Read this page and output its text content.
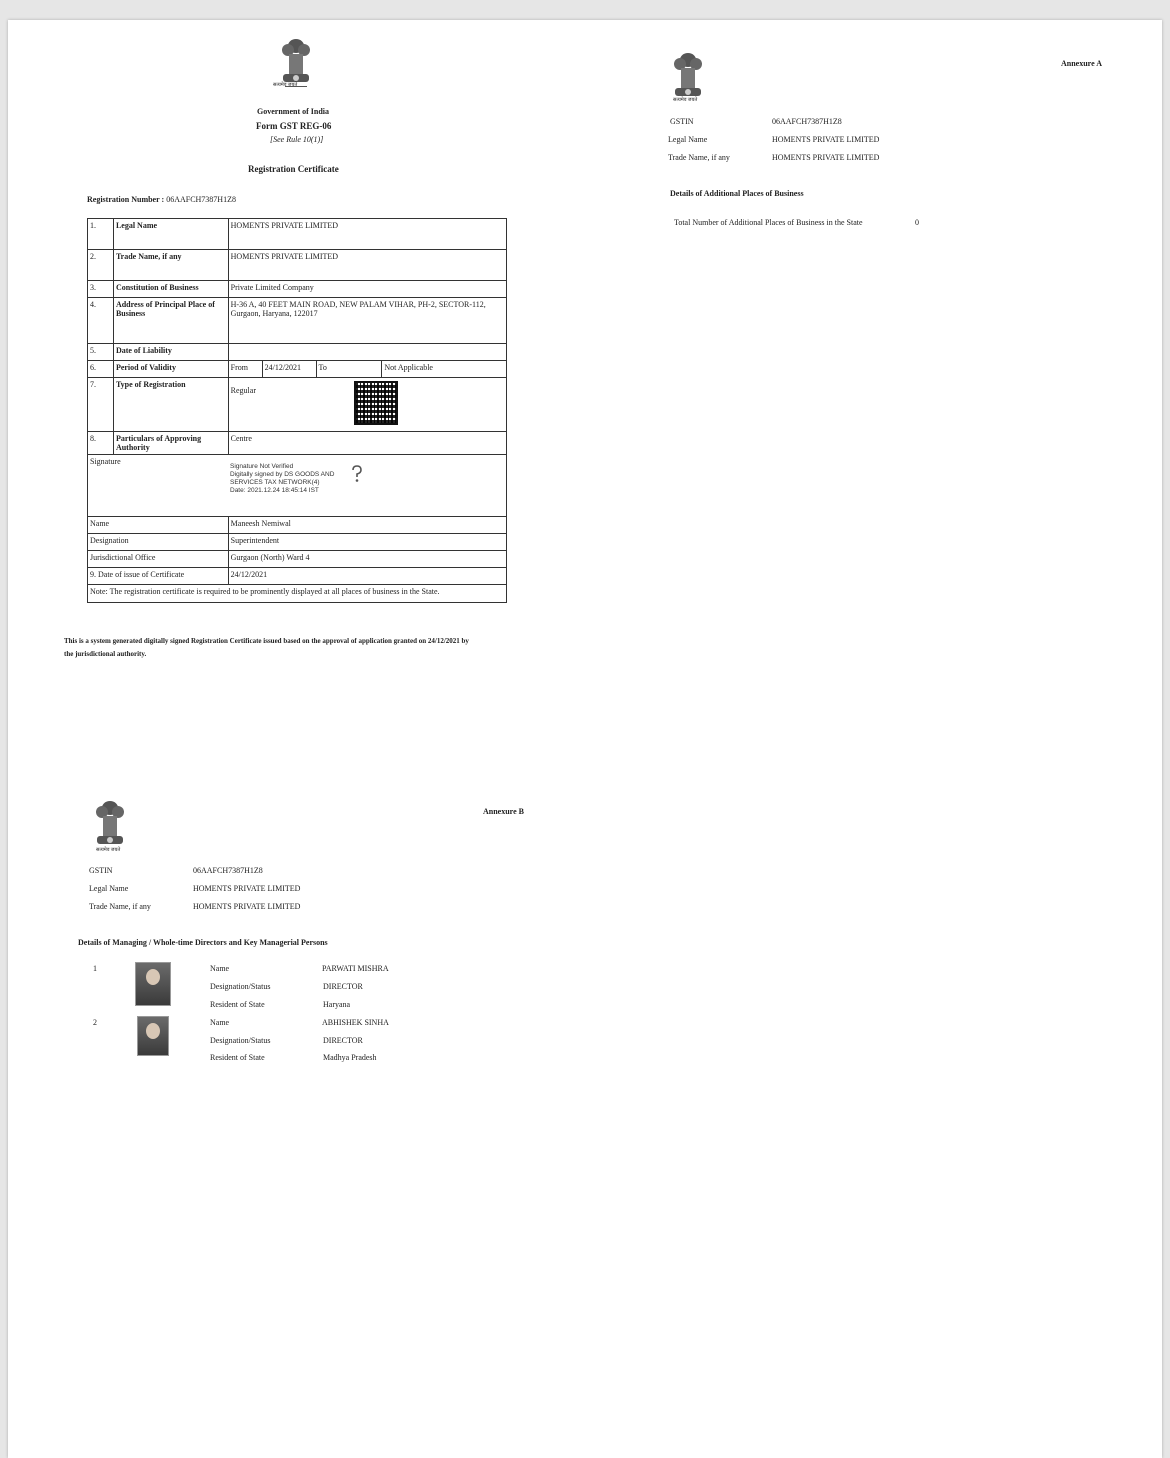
सत्यमेव जयते
Government of India
Form GST REG-06
[See Rule 10(1)]
Registration Certificate
Registration Number : 06AAFCH7387H1Z8
1.	Legal Name	HOMENTS PRIVATE LIMITED			
2.	Trade Name, if any	HOMENTS PRIVATE LIMITED			
3.	Constitution of Business	Private Limited Company			
4.	Address of Principal Place of Business	H-36 A, 40 FEET MAIN ROAD, NEW PALAM VIHAR, PH-2, SECTOR-112, Gurgaon, Haryana, 122017			
5.	Date of Liability				
6.	Period of Validity	From	24/12/2021	To	Not Applicable
7.	Type of Registration	Regular			

8.	Particulars of Approving Authority	Centre			
Signature
Signature Not Verified
Digitally signed by DS GOODS AND
SERVICES TAX NETWORK(4)
Date: 2021.12.24 18:45:14 IST					

Name		Maneesh Nemiwal			
Designation		Superintendent			
Jurisdictional Office		Gurgaon (North) Ward 4			
9. Date of issue of Certificate		24/12/2021			
Note: The registration certificate is required to be prominently displayed at all places of business in the State.					
This is a system generated digitally signed Registration Certificate issued based on the approval of application granted on 24/12/2021 by
the jurisdictional authority.
सत्यमेव जयते
Annexure A
GSTIN	06AAFCH7387H1Z8
Legal Name	HOMENTS PRIVATE LIMITED
Trade Name, if any	HOMENTS PRIVATE LIMITED
Details of Additional Places of Business
Total Number of Additional Places of Business in the State	0
सत्यमेव जयते
Annexure B
GSTIN	06AAFCH7387H1Z8
Legal Name	HOMENTS PRIVATE LIMITED
Trade Name, if any	HOMENTS PRIVATE LIMITED
Details of Managing / Whole-time Directors and Key Managerial Persons
1	Name	PARWATI MISHRA
Designation/Status	DIRECTOR
Resident of State	Haryana
2	Name	ABHISHEK SINHA
Designation/Status	DIRECTOR
Resident of State	Madhya Pradesh
